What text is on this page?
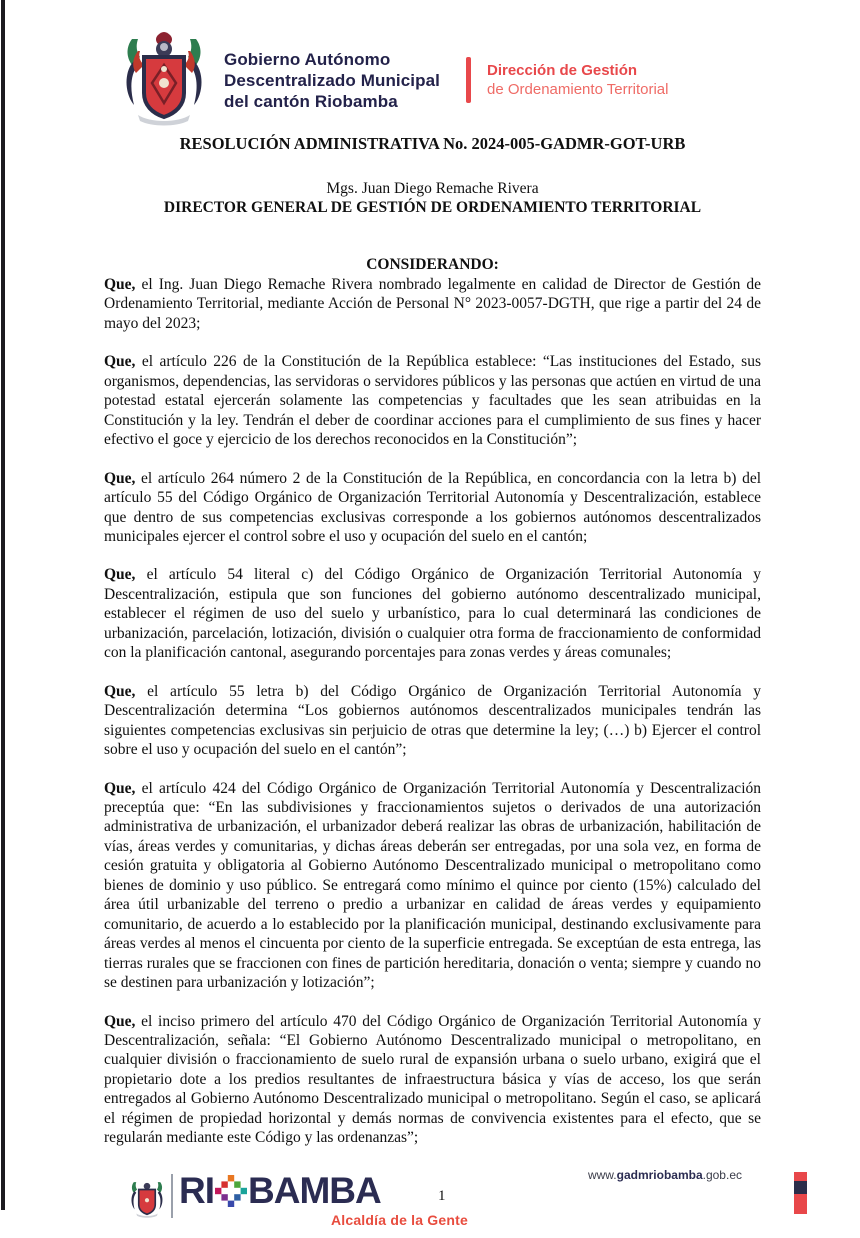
Gobierno Autónomo
Descentralizado Municipal
del cantón Riobamba
Dirección de Gestión
de Ordenamiento Territorial

RESOLUCIÓN ADMINISTRATIVA No. 2024-005-GADMR-GOT-URB

Mgs. Juan Diego Remache Rivera

DIRECTOR GENERAL DE GESTIÓN DE ORDENAMIENTO TERRITORIAL

CONSIDERANDO:

Que, el Ing. Juan Diego Remache Rivera nombrado legalmente en calidad de Director de Gestión de Ordenamiento Territorial, mediante Acción de Personal N° 2023-0057-DGTH, que rige a partir del 24 de mayo del 2023;

Que, el artículo 226 de la Constitución de la República establece: “Las instituciones del Estado, sus organismos, dependencias, las servidoras o servidores públicos y las personas que actúen en virtud de una potestad estatal ejercerán solamente las competencias y facultades que les sean atribuidas en la Constitución y la ley. Tendrán el deber de coordinar acciones para el cumplimiento de sus fines y hacer efectivo el goce y ejercicio de los derechos reconocidos en la Constitución”;

Que, el artículo 264 número 2 de la Constitución de la República, en concordancia con la letra b) del artículo 55 del Código Orgánico de Organización Territorial Autonomía y Descentralización, establece que dentro de sus competencias exclusivas corresponde a los gobiernos autónomos descentralizados municipales ejercer el control sobre el uso y ocupación del suelo en el cantón;

Que, el artículo 54 literal c) del Código Orgánico de Organización Territorial Autonomía y Descentralización, estipula que son funciones del gobierno autónomo descentralizado municipal, establecer el régimen de uso del suelo y urbanístico, para lo cual determinará las condiciones de urbanización, parcelación, lotización, división o cualquier otra forma de fraccionamiento de conformidad con la planificación cantonal, asegurando porcentajes para zonas verdes y áreas comunales;

Que, el artículo 55 letra b) del Código Orgánico de Organización Territorial Autonomía y Descentralización determina “Los gobiernos autónomos descentralizados municipales tendrán las siguientes competencias exclusivas sin perjuicio de otras que determine la ley; (…) b) Ejercer el control sobre el uso y ocupación del suelo en el cantón”;

Que, el artículo 424 del Código Orgánico de Organización Territorial Autonomía y Descentralización preceptúa que: “En las subdivisiones y fraccionamientos sujetos o derivados de una autorización administrativa de urbanización, el urbanizador deberá realizar las obras de urbanización, habilitación de vías, áreas verdes y comunitarias, y dichas áreas deberán ser entregadas, por una sola vez, en forma de cesión gratuita y obligatoria al Gobierno Autónomo Descentralizado municipal o metropolitano como bienes de dominio y uso público. Se entregará como mínimo el quince por ciento (15%) calculado del área útil urbanizable del terreno o predio a urbanizar en calidad de áreas verdes y equipamiento comunitario, de acuerdo a lo establecido por la planificación municipal, destinando exclusivamente para áreas verdes al menos el cincuenta por ciento de la superficie entregada. Se exceptúan de esta entrega, las tierras rurales que se fraccionen con fines de partición hereditaria, donación o venta; siempre y cuando no se destinen para urbanización y lotización”;

Que, el inciso primero del artículo 470 del Código Orgánico de Organización Territorial Autonomía y Descentralización, señala: “El Gobierno Autónomo Descentralizado municipal o metropolitano, en cualquier división o fraccionamiento de suelo rural de expansión urbana o suelo urbano, exigirá que el propietario dote a los predios resultantes de infraestructura básica y vías de acceso, los que serán entregados al Gobierno Autónomo Descentralizado municipal o metropolitano. Según el caso, se aplicará el régimen de propiedad horizontal y demás normas de convivencia existentes para el efecto, que se regularán mediante este Código y las ordenanzas”;

RI BAMBA
Alcaldía de la Gente
1
www.gadmriobamba.gob.ec
